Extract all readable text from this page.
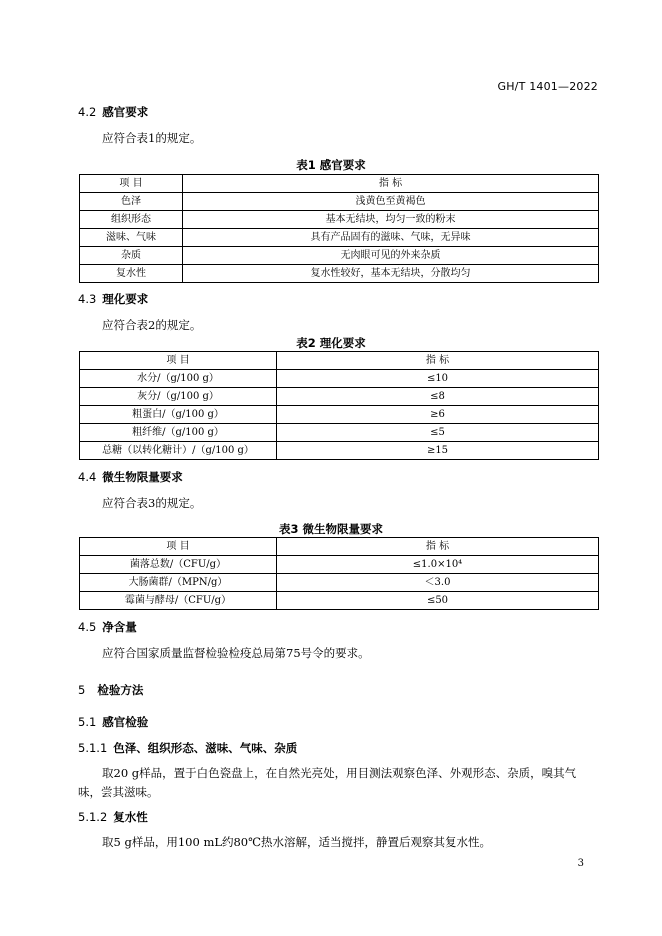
GH/T 1401—2022
4.2 感官要求
应符合表1的规定。
表1 感官要求
项 目	指 标
色泽	浅黄色至黄褐色
组织形态	基本无结块，均匀一致的粉末
滋味、气味	具有产品固有的滋味、气味，无异味
杂质	无肉眼可见的外来杂质
复水性	复水性较好，基本无结块，分散均匀
4.3 理化要求
应符合表2的规定。
表2 理化要求
项 目	指 标
水分/（g/100 g）	≤10
灰分/（g/100 g）	≤8
粗蛋白/（g/100 g）	≥6
粗纤维/（g/100 g）	≤5
总糖（以转化糖计）/（g/100 g）	≥15
4.4 微生物限量要求
应符合表3的规定。
表3 微生物限量要求
项 目	指 标
菌落总数/（CFU/g）	≤1.0×10⁴
大肠菌群/（MPN/g）	＜3.0
霉菌与酵母/（CFU/g）	≤50
4.5 净含量
应符合国家质量监督检验检疫总局第75号令的要求。
5 检验方法
5.1 感官检验
5.1.1 色泽、组织形态、滋味、气味、杂质
取20 g样品，置于白色瓷盘上，在自然光亮处，用目测法观察色泽、外观形态、杂质，嗅其气味，尝其滋味。
5.1.2 复水性
取5 g样品，用100 mL约80℃热水溶解，适当搅拌，静置后观察其复水性。
3
